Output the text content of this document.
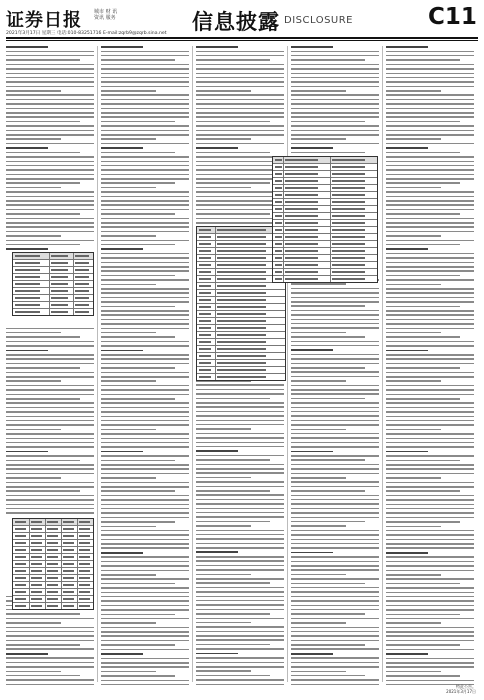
证券日报 城市 财 讯
资讯 服务
2021年3月17日 星期三 电话:010-83251716 E-mail:zqrb9@zqrb.sina.net 信息披露 DISCLOSURE	C11
特此公告。
2021年3月17日
